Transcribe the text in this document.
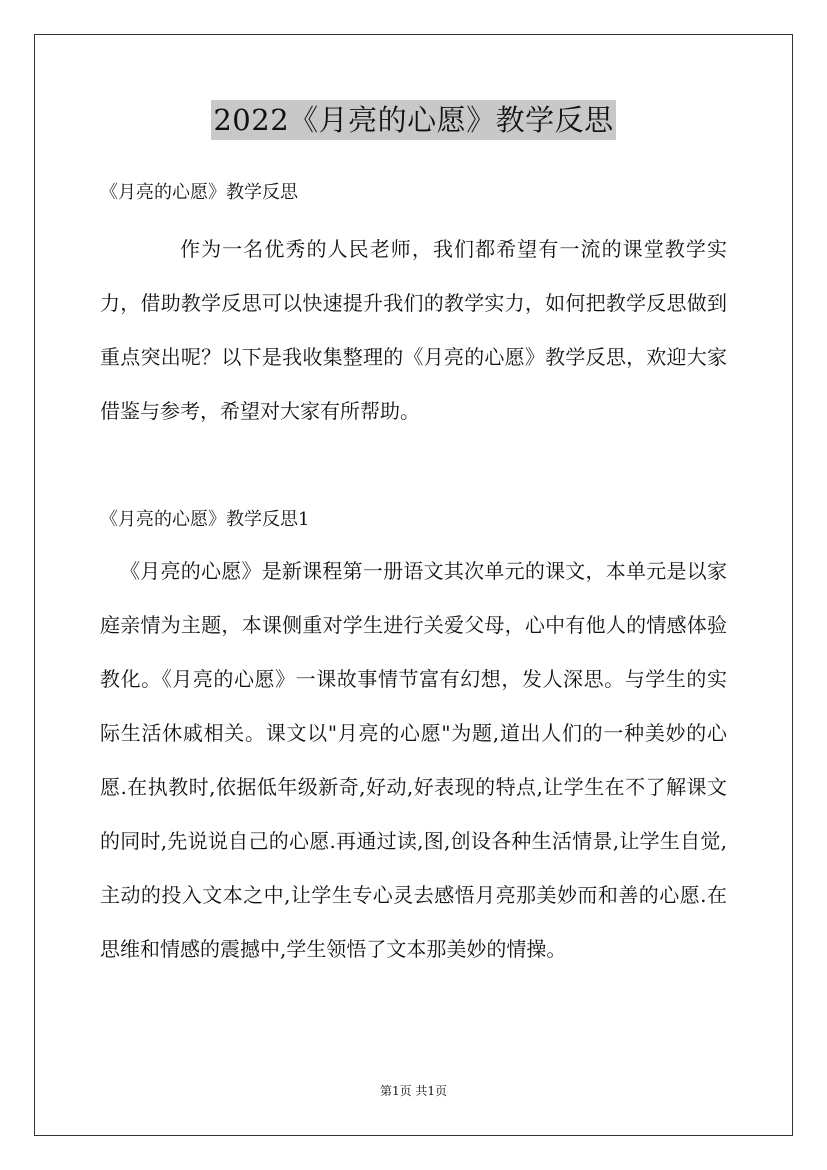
2022《月亮的心愿》教学反思
《月亮的心愿》教学反思

作为一名优秀的人民老师，我们都希望有一流的课堂教学实力，借助教学反思可以快速提升我们的教学实力，如何把教学反思做到重点突出呢？以下是我收集整理的《月亮的心愿》教学反思，欢迎大家借鉴与参考，希望对大家有所帮助。

《月亮的心愿》教学反思1

《月亮的心愿》是新课程第一册语文其次单元的课文，本单元是以家庭亲情为主题，本课侧重对学生进行关爱父母，心中有他人的情感体验教化。《月亮的心愿》一课故事情节富有幻想，发人深思。与学生的实际生活休戚相关。课文以"月亮的心愿"为题,道出人们的一种美妙的心愿.在执教时,依据低年级新奇,好动,好表现的特点,让学生在不了解课文的同时,先说说自己的心愿.再通过读,图,创设各种生活情景,让学生自觉,主动的投入文本之中,让学生专心灵去感悟月亮那美妙而和善的心愿.在思维和情感的震撼中,学生领悟了文本那美妙的情操。

第1页 共1页
